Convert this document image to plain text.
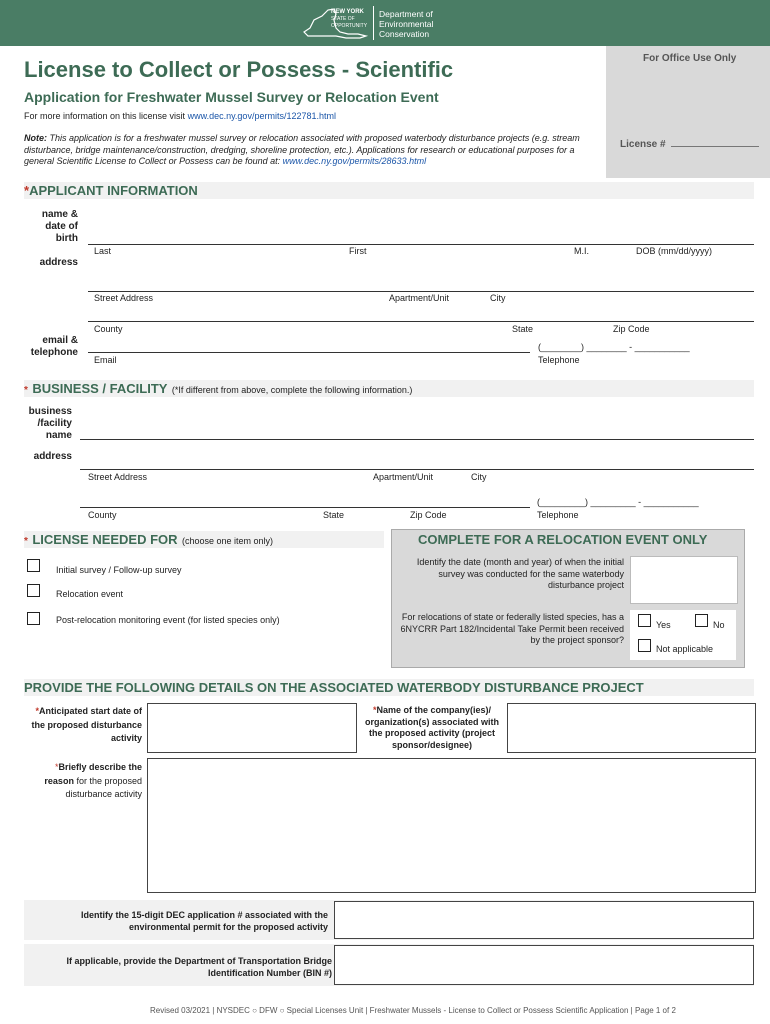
NEW YORK
STATE OF
OPPORTUNITY
Department of
Environmental
Conservation
License to Collect or Possess - Scientific
Application for Freshwater Mussel Survey or Relocation Event
For more information on this license visit www.dec.ny.gov/permits/122781.html
Note: This application is for a freshwater mussel survey or relocation associated with proposed waterbody disturbance projects (e.g. stream disturbance, bridge maintenance/construction, dredging, shoreline protection, etc.). Applications for research or educational purposes for a general Scientific License to Collect or Possess can be found at: www.dec.ny.gov/permits/28633.html
For Office Use Only
License #
*APPLICANT INFORMATION
name & date of birth
Last	First	M.I.	DOB (mm/dd/yyyy)
address
Street Address	Apartment/Unit	City
County	State	Zip Code
email & telephone	(________) ________ - ___________
Email	Telephone
* BUSINESS / FACILITY (*If different from above, complete the following information.)
business /facility name
address
Street Address	Apartment/Unit	City
(_________) _________ - ___________
County	State	Zip Code	Telephone
* LICENSE NEEDED FOR (choose one item only)
Initial survey / Follow-up survey
Relocation event
Post-relocation monitoring event (for listed species only)
COMPLETE FOR A RELOCATION EVENT ONLY
Identify the date (month and year) of when the initial survey was conducted for the same waterbody disturbance project
For relocations of state or federally listed species, has a 6NYCRR Part 182/Incidental Take Permit been received by the project sponsor?
Yes	No
Not applicable
PROVIDE THE FOLLOWING DETAILS ON THE ASSOCIATED WATERBODY DISTURBANCE PROJECT
*Anticipated start date of the proposed disturbance activity
*Name of the company(ies)/ organization(s) associated with the proposed activity (project sponsor/designee)
*Briefly describe the reason for the proposed disturbance activity
Identify the 15-digit DEC application # associated with the environmental permit for the proposed activity
If applicable, provide the Department of Transportation Bridge Identification Number (BIN #)
Revised 03/2021 | NYSDEC ○ DFW ○ Special Licenses Unit | Freshwater Mussels - License to Collect or Possess Scientific Application | Page 1 of 2
